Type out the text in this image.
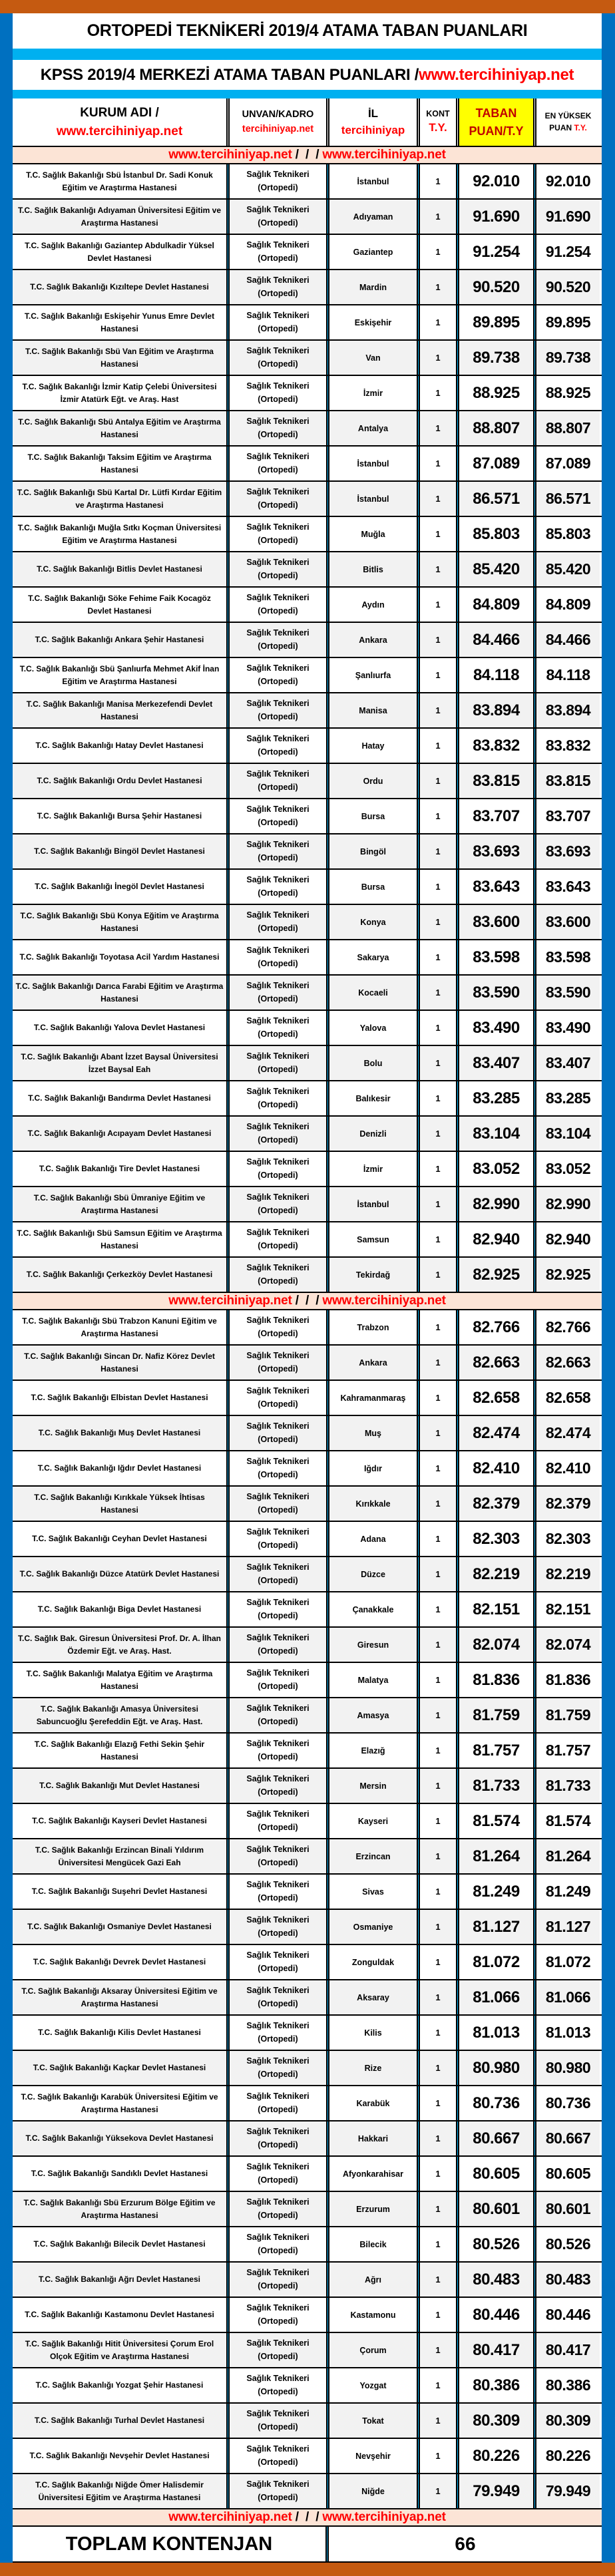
ORTOPEDİ TEKNİKERİ 2019/4 ATAMA TABAN PUANLARI
KPSS 2019/4 MERKEZİ ATAMA TABAN PUANLARI / www.tercihiniyap.net
KURUM ADI /
www.tercihiniyap.net
UNVAN/KADRO
tercihiniyap.net
İL
tercihiniyap
KONT
T.Y.
TABAN
PUAN/T.Y
EN YÜKSEK
PUAN T.Y.
www.tercihiniyap.net / / / www.tercihiniyap.net
T.C. Sağlık Bakanlığı Sbü İstanbul Dr. Sadi Konuk Eğitim ve Araştırma Hastanesi
Sağlık Teknikeri
(Ortopedi)
İstanbul	1	92.010	92.010
T.C. Sağlık Bakanlığı Adıyaman Üniversitesi Eğitim ve Araştırma Hastanesi
Sağlık Teknikeri
(Ortopedi)
Adıyaman	1	91.690	91.690
T.C. Sağlık Bakanlığı Gaziantep Abdulkadir Yüksel Devlet Hastanesi
Sağlık Teknikeri
(Ortopedi)
Gaziantep	1	91.254	91.254
T.C. Sağlık Bakanlığı Kızıltepe Devlet Hastanesi
Sağlık Teknikeri
(Ortopedi)
Mardin	1	90.520	90.520
T.C. Sağlık Bakanlığı Eskişehir Yunus Emre Devlet Hastanesi
Sağlık Teknikeri
(Ortopedi)
Eskişehir	1	89.895	89.895
T.C. Sağlık Bakanlığı Sbü Van Eğitim ve Araştırma Hastanesi
Sağlık Teknikeri
(Ortopedi)
Van	1	89.738	89.738
T.C. Sağlık Bakanlığı İzmir Katip Çelebi Üniversitesi İzmir Atatürk Eğt. ve Araş. Hast
Sağlık Teknikeri
(Ortopedi)
İzmir	1	88.925	88.925
T.C. Sağlık Bakanlığı Sbü Antalya Eğitim ve Araştırma Hastanesi
Sağlık Teknikeri
(Ortopedi)
Antalya	1	88.807	88.807
T.C. Sağlık Bakanlığı Taksim Eğitim ve Araştırma Hastanesi
Sağlık Teknikeri
(Ortopedi)
İstanbul	1	87.089	87.089
T.C. Sağlık Bakanlığı Sbü Kartal Dr. Lütfi Kırdar Eğitim ve Araştırma Hastanesi
Sağlık Teknikeri
(Ortopedi)
İstanbul	1	86.571	86.571
T.C. Sağlık Bakanlığı Muğla Sıtkı Koçman Üniversitesi Eğitim ve Araştırma Hastanesi
Sağlık Teknikeri
(Ortopedi)
Muğla	1	85.803	85.803
T.C. Sağlık Bakanlığı Bitlis Devlet Hastanesi
Sağlık Teknikeri
(Ortopedi)
Bitlis	1	85.420	85.420
T.C. Sağlık Bakanlığı Söke Fehime Faik Kocagöz Devlet Hastanesi
Sağlık Teknikeri
(Ortopedi)
Aydın	1	84.809	84.809
T.C. Sağlık Bakanlığı Ankara Şehir Hastanesi
Sağlık Teknikeri
(Ortopedi)
Ankara	1	84.466	84.466
T.C. Sağlık Bakanlığı Sbü Şanlıurfa Mehmet Akif İnan Eğitim ve Araştırma Hastanesi
Sağlık Teknikeri
(Ortopedi)
Şanlıurfa	1	84.118	84.118
T.C. Sağlık Bakanlığı Manisa Merkezefendi Devlet Hastanesi
Sağlık Teknikeri
(Ortopedi)
Manisa	1	83.894	83.894
T.C. Sağlık Bakanlığı Hatay Devlet Hastanesi
Sağlık Teknikeri
(Ortopedi)
Hatay	1	83.832	83.832
T.C. Sağlık Bakanlığı Ordu Devlet Hastanesi
Sağlık Teknikeri
(Ortopedi)
Ordu	1	83.815	83.815
T.C. Sağlık Bakanlığı Bursa Şehir Hastanesi
Sağlık Teknikeri
(Ortopedi)
Bursa	1	83.707	83.707
T.C. Sağlık Bakanlığı Bingöl Devlet Hastanesi
Sağlık Teknikeri
(Ortopedi)
Bingöl	1	83.693	83.693
T.C. Sağlık Bakanlığı İnegöl Devlet Hastanesi
Sağlık Teknikeri
(Ortopedi)
Bursa	1	83.643	83.643
T.C. Sağlık Bakanlığı Sbü Konya Eğitim ve Araştırma Hastanesi
Sağlık Teknikeri
(Ortopedi)
Konya	1	83.600	83.600
T.C. Sağlık Bakanlığı Toyotasa Acil Yardım Hastanesi
Sağlık Teknikeri
(Ortopedi)
Sakarya	1	83.598	83.598
T.C. Sağlık Bakanlığı Darıca Farabi Eğitim ve Araştırma Hastanesi
Sağlık Teknikeri
(Ortopedi)
Kocaeli	1	83.590	83.590
T.C. Sağlık Bakanlığı Yalova Devlet Hastanesi
Sağlık Teknikeri
(Ortopedi)
Yalova	1	83.490	83.490
T.C. Sağlık Bakanlığı Abant İzzet Baysal Üniversitesi İzzet Baysal Eah
Sağlık Teknikeri
(Ortopedi)
Bolu	1	83.407	83.407
T.C. Sağlık Bakanlığı Bandırma Devlet Hastanesi
Sağlık Teknikeri
(Ortopedi)
Balıkesir	1	83.285	83.285
T.C. Sağlık Bakanlığı Acıpayam Devlet Hastanesi
Sağlık Teknikeri
(Ortopedi)
Denizli	1	83.104	83.104
T.C. Sağlık Bakanlığı Tire Devlet Hastanesi
Sağlık Teknikeri
(Ortopedi)
İzmir	1	83.052	83.052
T.C. Sağlık Bakanlığı Sbü Ümraniye Eğitim ve Araştırma Hastanesi
Sağlık Teknikeri
(Ortopedi)
İstanbul	1	82.990	82.990
T.C. Sağlık Bakanlığı Sbü Samsun Eğitim ve Araştırma Hastanesi
Sağlık Teknikeri
(Ortopedi)
Samsun	1	82.940	82.940
T.C. Sağlık Bakanlığı Çerkezköy Devlet Hastanesi
Sağlık Teknikeri
(Ortopedi)
Tekirdağ	1	82.925	82.925
www.tercihiniyap.net / / / www.tercihiniyap.net
T.C. Sağlık Bakanlığı Sbü Trabzon Kanuni Eğitim ve Araştırma Hastanesi
Sağlık Teknikeri
(Ortopedi)
Trabzon	1	82.766	82.766
T.C. Sağlık Bakanlığı Sincan Dr. Nafiz Körez Devlet Hastanesi
Sağlık Teknikeri
(Ortopedi)
Ankara	1	82.663	82.663
T.C. Sağlık Bakanlığı Elbistan Devlet Hastanesi
Sağlık Teknikeri
(Ortopedi)
Kahramanmaraş	1	82.658	82.658
T.C. Sağlık Bakanlığı Muş Devlet Hastanesi
Sağlık Teknikeri
(Ortopedi)
Muş	1	82.474	82.474
T.C. Sağlık Bakanlığı Iğdır Devlet Hastanesi
Sağlık Teknikeri
(Ortopedi)
Iğdır	1	82.410	82.410
T.C. Sağlık Bakanlığı Kırıkkale Yüksek İhtisas Hastanesi
Sağlık Teknikeri
(Ortopedi)
Kırıkkale	1	82.379	82.379
T.C. Sağlık Bakanlığı Ceyhan Devlet Hastanesi
Sağlık Teknikeri
(Ortopedi)
Adana	1	82.303	82.303
T.C. Sağlık Bakanlığı Düzce Atatürk Devlet Hastanesi
Sağlık Teknikeri
(Ortopedi)
Düzce	1	82.219	82.219
T.C. Sağlık Bakanlığı Biga Devlet Hastanesi
Sağlık Teknikeri
(Ortopedi)
Çanakkale	1	82.151	82.151
T.C. Sağlık Bak. Giresun Üniversitesi Prof. Dr. A. İlhan Özdemir Eğt. ve Araş. Hast.
Sağlık Teknikeri
(Ortopedi)
Giresun	1	82.074	82.074
T.C. Sağlık Bakanlığı Malatya Eğitim ve Araştırma Hastanesi
Sağlık Teknikeri
(Ortopedi)
Malatya	1	81.836	81.836
T.C. Sağlık Bakanlığı Amasya Üniversitesi Sabuncuoğlu Şerefeddin Eğt. ve Araş. Hast.
Sağlık Teknikeri
(Ortopedi)
Amasya	1	81.759	81.759
T.C. Sağlık Bakanlığı Elazığ Fethi Sekin Şehir Hastanesi
Sağlık Teknikeri
(Ortopedi)
Elazığ	1	81.757	81.757
T.C. Sağlık Bakanlığı Mut Devlet Hastanesi
Sağlık Teknikeri
(Ortopedi)
Mersin	1	81.733	81.733
T.C. Sağlık Bakanlığı Kayseri Devlet Hastanesi
Sağlık Teknikeri
(Ortopedi)
Kayseri	1	81.574	81.574
T.C. Sağlık Bakanlığı Erzincan Binali Yıldırım Üniversitesi Mengücek Gazi Eah
Sağlık Teknikeri
(Ortopedi)
Erzincan	1	81.264	81.264
T.C. Sağlık Bakanlığı Suşehri Devlet Hastanesi
Sağlık Teknikeri
(Ortopedi)
Sivas	1	81.249	81.249
T.C. Sağlık Bakanlığı Osmaniye Devlet Hastanesi
Sağlık Teknikeri
(Ortopedi)
Osmaniye	1	81.127	81.127
T.C. Sağlık Bakanlığı Devrek Devlet Hastanesi
Sağlık Teknikeri
(Ortopedi)
Zonguldak	1	81.072	81.072
T.C. Sağlık Bakanlığı Aksaray Üniversitesi Eğitim ve Araştırma Hastanesi
Sağlık Teknikeri
(Ortopedi)
Aksaray	1	81.066	81.066
T.C. Sağlık Bakanlığı Kilis Devlet Hastanesi
Sağlık Teknikeri
(Ortopedi)
Kilis	1	81.013	81.013
T.C. Sağlık Bakanlığı Kaçkar Devlet Hastanesi
Sağlık Teknikeri
(Ortopedi)
Rize	1	80.980	80.980
T.C. Sağlık Bakanlığı Karabük Üniversitesi Eğitim ve Araştırma Hastanesi
Sağlık Teknikeri
(Ortopedi)
Karabük	1	80.736	80.736
T.C. Sağlık Bakanlığı Yüksekova Devlet Hastanesi
Sağlık Teknikeri
(Ortopedi)
Hakkari	1	80.667	80.667
T.C. Sağlık Bakanlığı Sandıklı Devlet Hastanesi
Sağlık Teknikeri
(Ortopedi)
Afyonkarahisar	1	80.605	80.605
T.C. Sağlık Bakanlığı Sbü Erzurum Bölge Eğitim ve Araştırma Hastanesi
Sağlık Teknikeri
(Ortopedi)
Erzurum	1	80.601	80.601
T.C. Sağlık Bakanlığı Bilecik Devlet Hastanesi
Sağlık Teknikeri
(Ortopedi)
Bilecik	1	80.526	80.526
T.C. Sağlık Bakanlığı Ağrı Devlet Hastanesi
Sağlık Teknikeri
(Ortopedi)
Ağrı	1	80.483	80.483
T.C. Sağlık Bakanlığı Kastamonu Devlet Hastanesi
Sağlık Teknikeri
(Ortopedi)
Kastamonu	1	80.446	80.446
T.C. Sağlık Bakanlığı Hitit Üniversitesi Çorum Erol Olçok Eğitim ve Araştırma Hastanesi
Sağlık Teknikeri
(Ortopedi)
Çorum	1	80.417	80.417
T.C. Sağlık Bakanlığı Yozgat Şehir Hastanesi
Sağlık Teknikeri
(Ortopedi)
Yozgat	1	80.386	80.386
T.C. Sağlık Bakanlığı Turhal Devlet Hastanesi
Sağlık Teknikeri
(Ortopedi)
Tokat	1	80.309	80.309
T.C. Sağlık Bakanlığı Nevşehir Devlet Hastanesi
Sağlık Teknikeri
(Ortopedi)
Nevşehir	1	80.226	80.226
T.C. Sağlık Bakanlığı Niğde Ömer Halisdemir Üniversitesi Eğitim ve Araştırma Hastanesi
Sağlık Teknikeri
(Ortopedi)
Niğde	1	79.949	79.949
www.tercihiniyap.net / / / www.tercihiniyap.net
TOPLAM KONTENJAN	66
